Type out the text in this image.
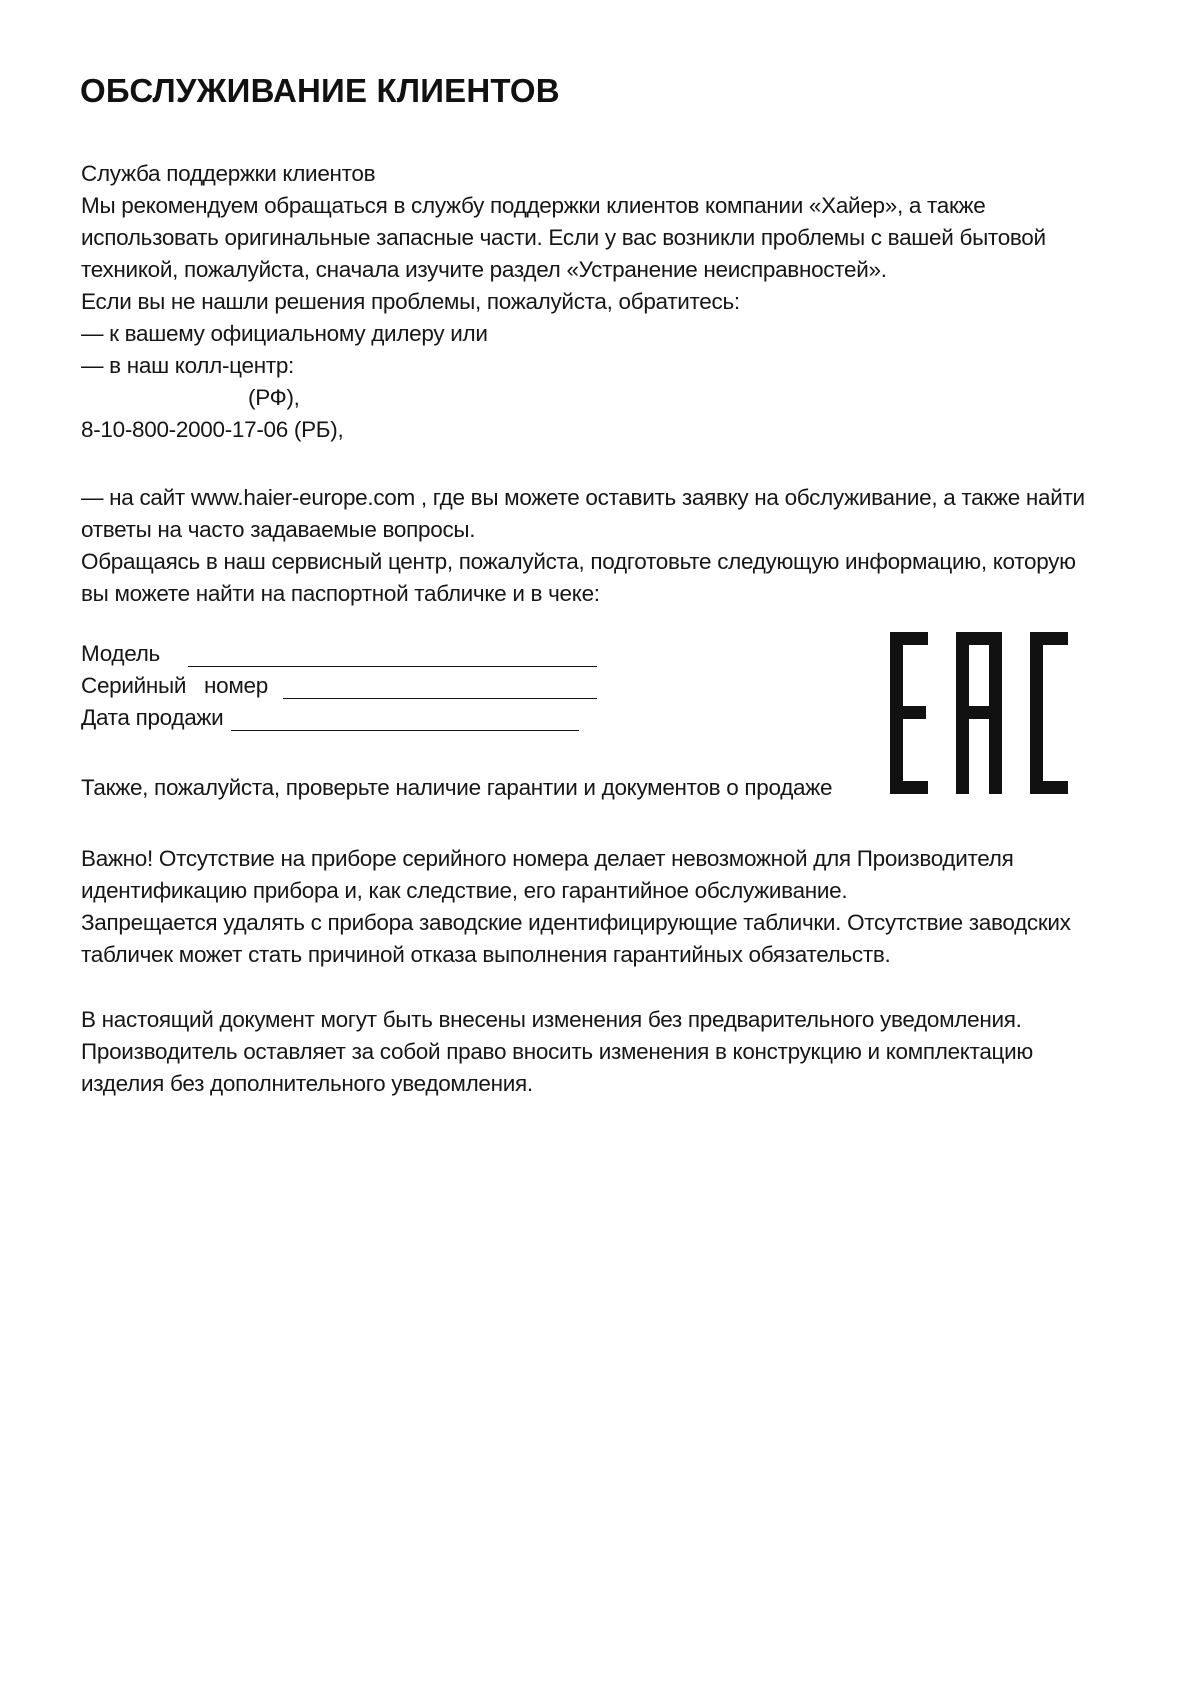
ОБСЛУЖИВАНИЕ КЛИЕНТОВ
Служба поддержки клиентов
Мы рекомендуем обращаться в службу поддержки клиентов компании «Хайер», а также
использовать оригинальные запасные части. Если у вас возникли проблемы с вашей бытовой
техникой, пожалуйста, сначала изучите раздел «Устранение неисправностей».
Если вы не нашли решения проблемы, пожалуйста, обратитесь:
— к вашему официальному дилеру или
— в наш колл-центр:
(РФ),
8-10-800-2000-17-06 (РБ),
— на сайт www.haier-europe.com , где вы можете оставить заявку на обслуживание, а также найти
ответы на часто задаваемые вопросы.
Обращаясь в наш сервисный центр, пожалуйста, подготовьте следующую информацию, которую
вы можете найти на паспортной табличке и в чеке:
Модель
Серийный   номер
Дата продажи
Также, пожалуйста, проверьте наличие гарантии и документов о продаже
Важно! Отсутствие на приборе серийного номера делает невозможной для Производителя
идентификацию прибора и, как следствие, его гарантийное обслуживание.
Запрещается удалять с прибора заводские идентифицирующие таблички. Отсутствие заводских
табличек может стать причиной отказа выполнения гарантийных обязательств.
В настоящий документ могут быть внесены изменения без предварительного уведомления.
Производитель оставляет за собой право вносить изменения в конструкцию и комплектацию
изделия без дополнительного уведомления.
